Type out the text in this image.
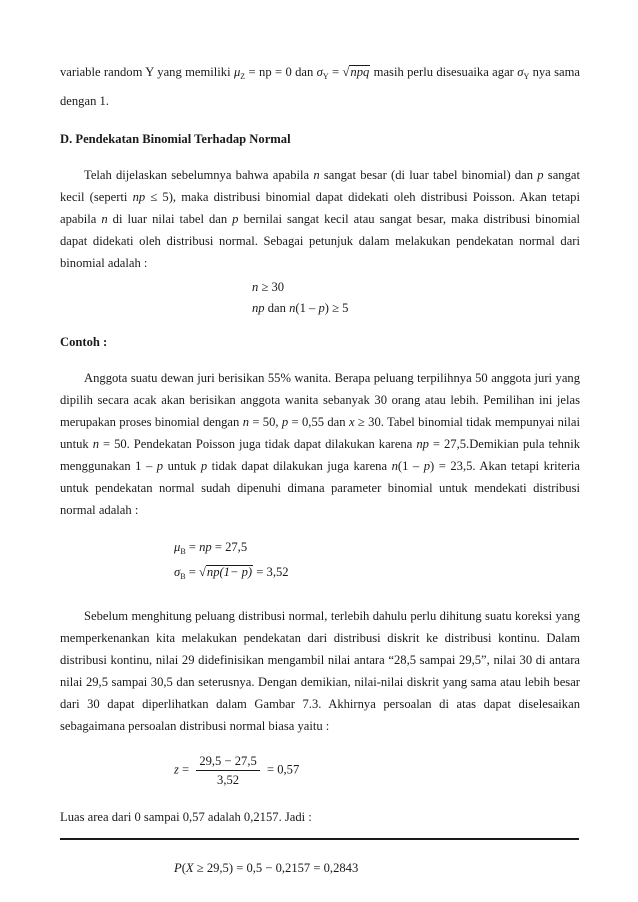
variable random Y yang memiliki $\mu_Z$ = np = 0 dan $\sigma_Y = √npq$ masih perlu disesuaika agar $\sigma_Y$ nya sama dengan 1.

D. Pendekatan Binomial Terhadap Normal

Telah dijelaskan sebelumnya bahwa apabila n sangat besar (di luar tabel binomial) dan p sangat kecil (seperti np ≤ 5), maka distribusi binomial dapat didekati oleh distribusi Poisson. Akan tetapi apabila n di luar nilai tabel dan p bernilai sangat kecil atau sangat besar, maka distribusi binomial dapat didekati oleh distribusi normal. Sebagai petunjuk dalam melakukan pendekatan normal dari binomial adalah :

n ≥ 30

np dan n(1 – p) ≥ 5

Contoh :

Anggota suatu dewan juri berisikan 55% wanita. Berapa peluang terpilihnya 50 anggota juri yang dipilih secara acak akan berisikan anggota wanita sebanyak 30 orang atau lebih. Pemilihan ini jelas merupakan proses binomial dengan n = 50, p = 0,55 dan x ≥ 30. Tabel binomial tidak mempunyai nilai untuk n = 50. Pendekatan Poisson juga tidak dapat dilakukan karena np = 27,5.Demikian pula tehnik menggunakan 1 – p untuk p tidak dapat dilakukan juga karena n(1 – p) = 23,5. Akan tetapi kriteria untuk pendekatan normal sudah dipenuhi dimana parameter binomial untuk mendekati distribusi normal adalah :

$\mu_B$ = np = 27,5

$\sigma_B = √np(1- p) = 3,52$

Sebelum menghitung peluang distribusi normal, terlebih dahulu perlu dihitung suatu koreksi yang memperkenankan kita melakukan pendekatan dari distribusi diskrit ke distribusi kontinu. Dalam distribusi kontinu, nilai 29 didefinisikan mengambil nilai antara “28,5 sampai 29,5”, nilai 30 di antara nilai 29,5 sampai 30,5 dan seterusnya. Dengan demikian, nilai-nilai diskrit yang sama atau lebih besar dari 30 dapat diperlihatkan dalam Gambar 7.3. Akhirnya persoalan di atas dapat diselesaikan sebagaimana persoalan distribusi normal biasa yaitu :

$z = \frac{29,5 - 27,5}{3,52} = 0,57$

Luas area dari 0 sampai 0,57 adalah 0,2157. Jadi :

P(X ≥ 29,5) = 0,5 − 0,2157 = 0,2843
